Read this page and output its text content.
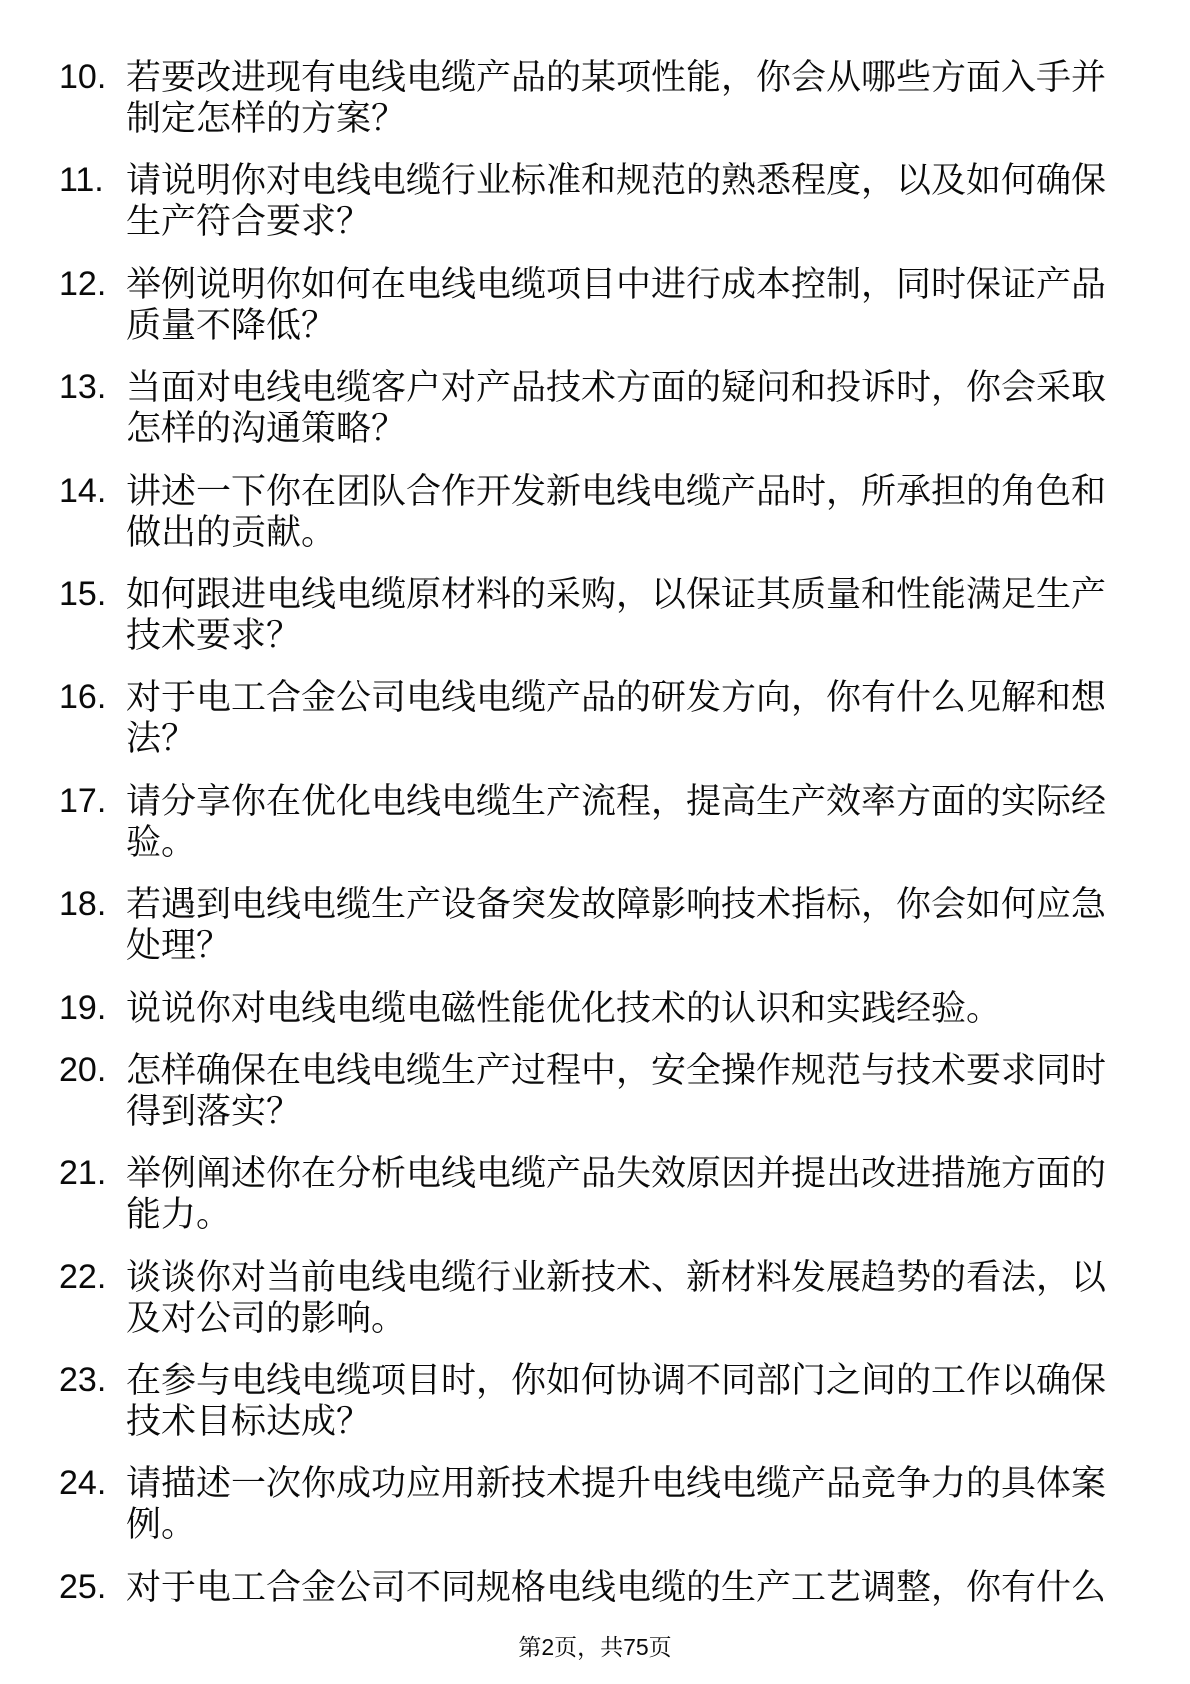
10. 若要改进现有电线电缆产品的某项性能，你会从哪些方面入手并制定怎样的方案？
11. 请说明你对电线电缆行业标准和规范的熟悉程度，以及如何确保生产符合要求？
12. 举例说明你如何在电线电缆项目中进行成本控制，同时保证产品质量不降低？
13. 当面对电线电缆客户对产品技术方面的疑问和投诉时，你会采取怎样的沟通策略？
14. 讲述一下你在团队合作开发新电线电缆产品时，所承担的角色和做出的贡献。
15. 如何跟进电线电缆原材料的采购，以保证其质量和性能满足生产技术要求？
16. 对于电工合金公司电线电缆产品的研发方向，你有什么见解和想法？
17. 请分享你在优化电线电缆生产流程，提高生产效率方面的实际经验。
18. 若遇到电线电缆生产设备突发故障影响技术指标，你会如何应急处理？
19. 说说你对电线电缆电磁性能优化技术的认识和实践经验。
20. 怎样确保在电线电缆生产过程中，安全操作规范与技术要求同时得到落实？
21. 举例阐述你在分析电线电缆产品失效原因并提出改进措施方面的能力。
22. 谈谈你对当前电线电缆行业新技术、新材料发展趋势的看法，以及对公司的影响。
23. 在参与电线电缆项目时，你如何协调不同部门之间的工作以确保技术目标达成？
24. 请描述一次你成功应用新技术提升电线电缆产品竞争力的具体案例。
25. 对于电工合金公司不同规格电线电缆的生产工艺调整，你有什么
第2页，共75页
